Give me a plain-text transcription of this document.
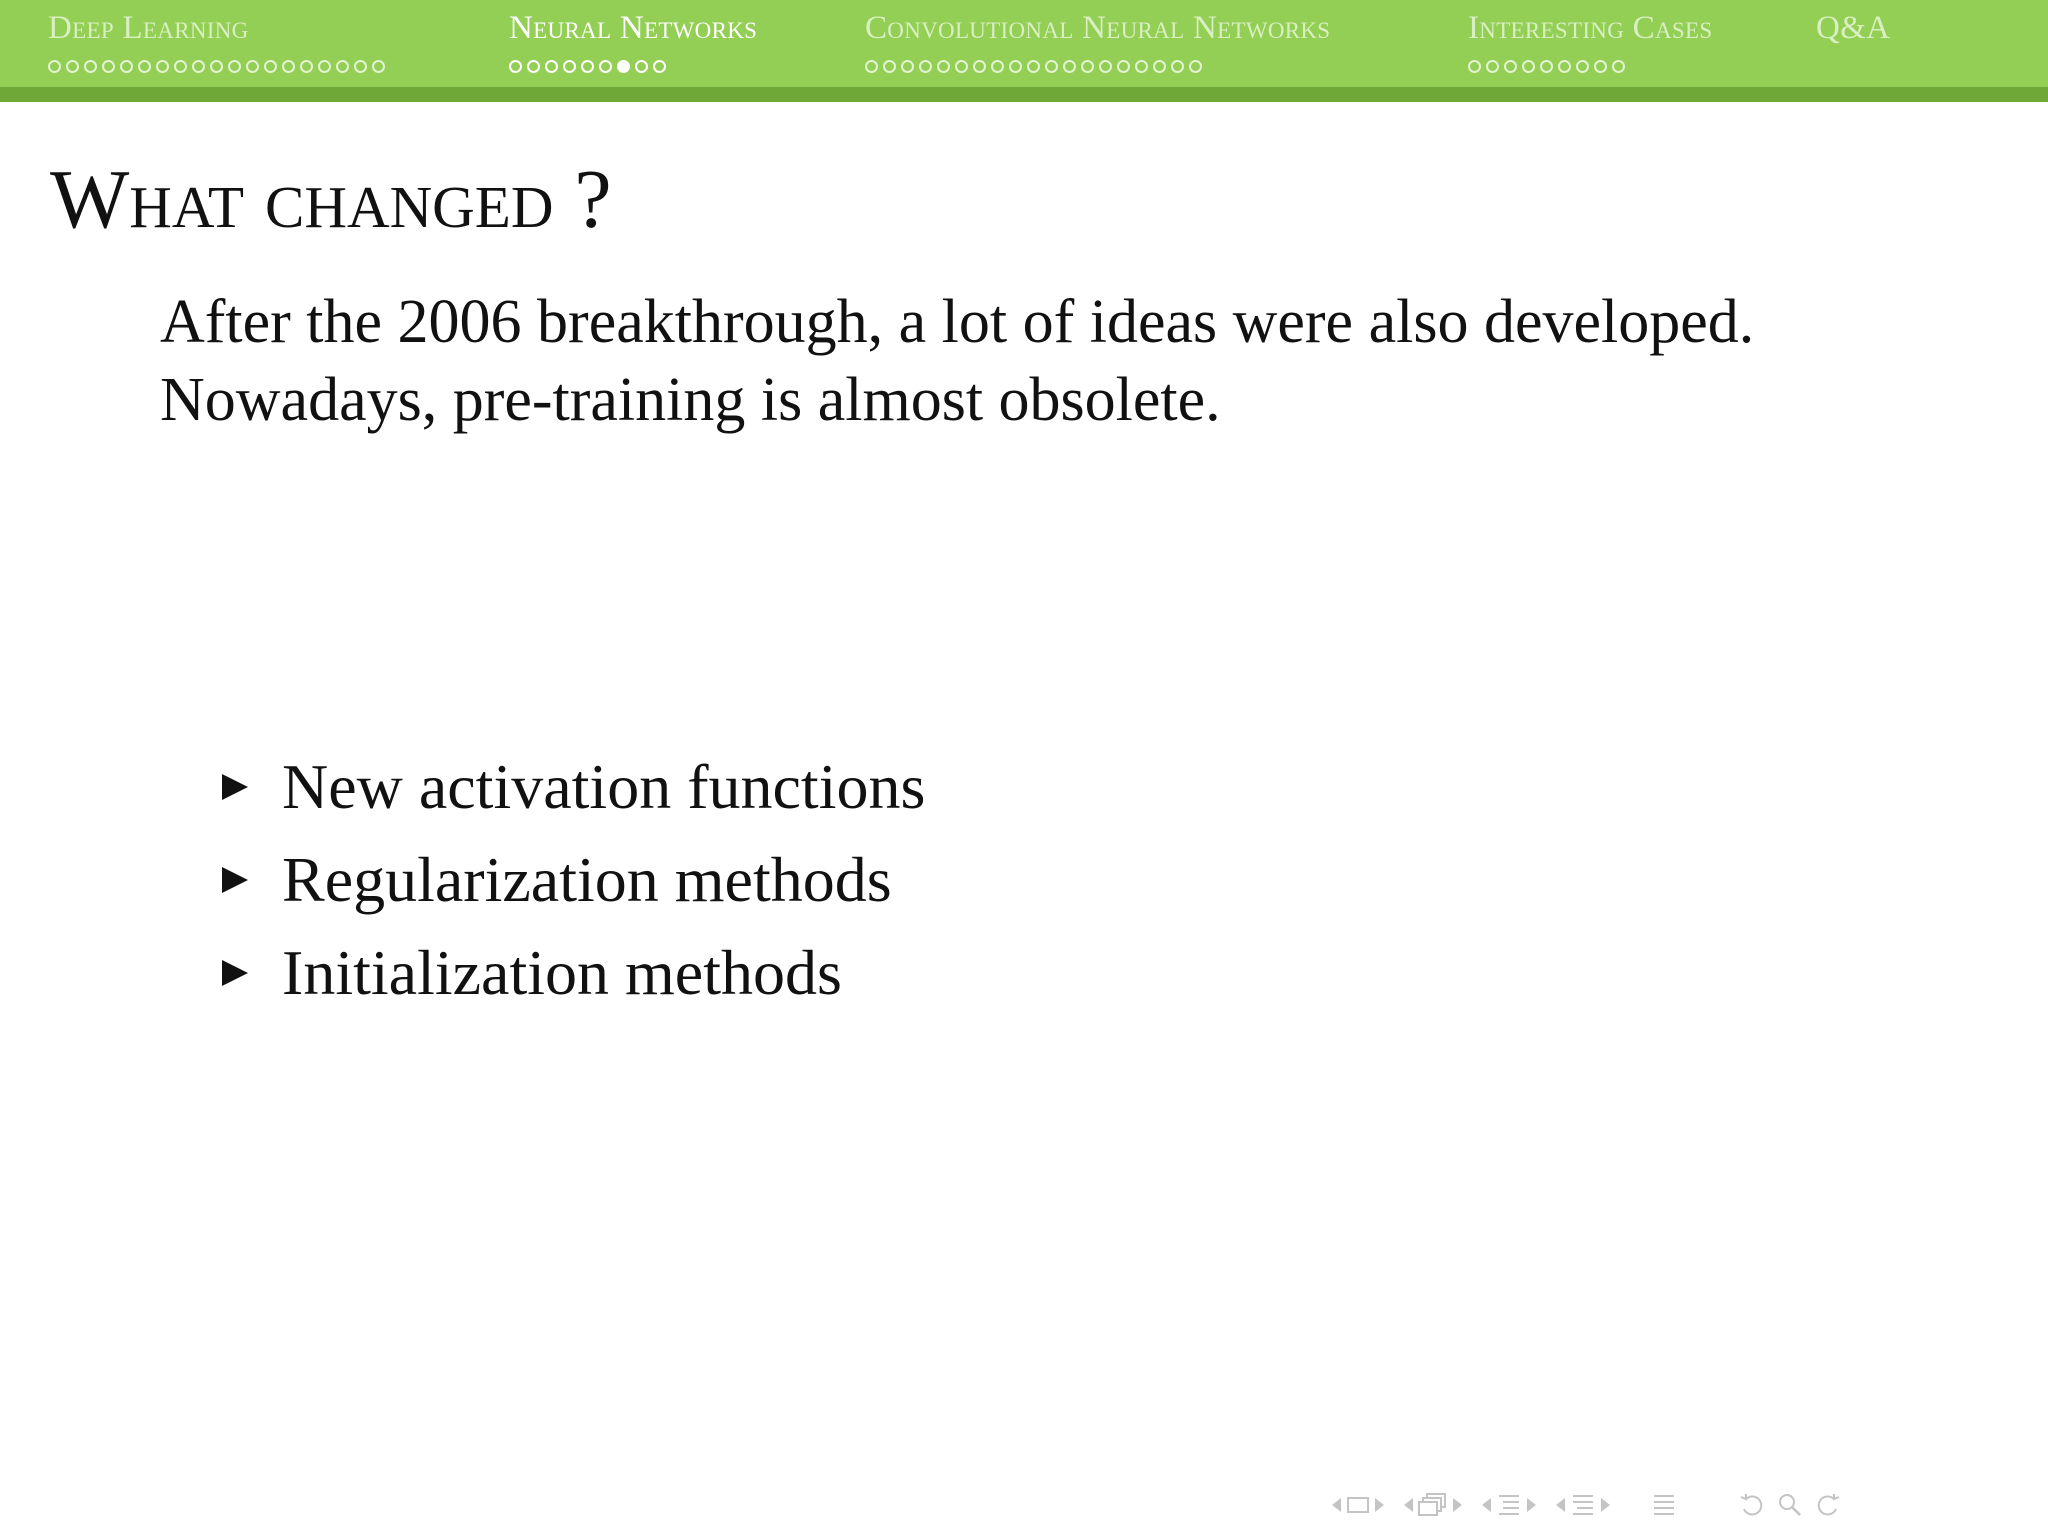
Deep Learning	Neural Networks	Convolutional Neural Networks	Interesting Cases	Q&A
What changed ?
After the 2006 breakthrough, a lot of ideas were also developed.
Nowadays, pre-training is almost obsolete.
New activation functions
Regularization methods
Initialization methods
